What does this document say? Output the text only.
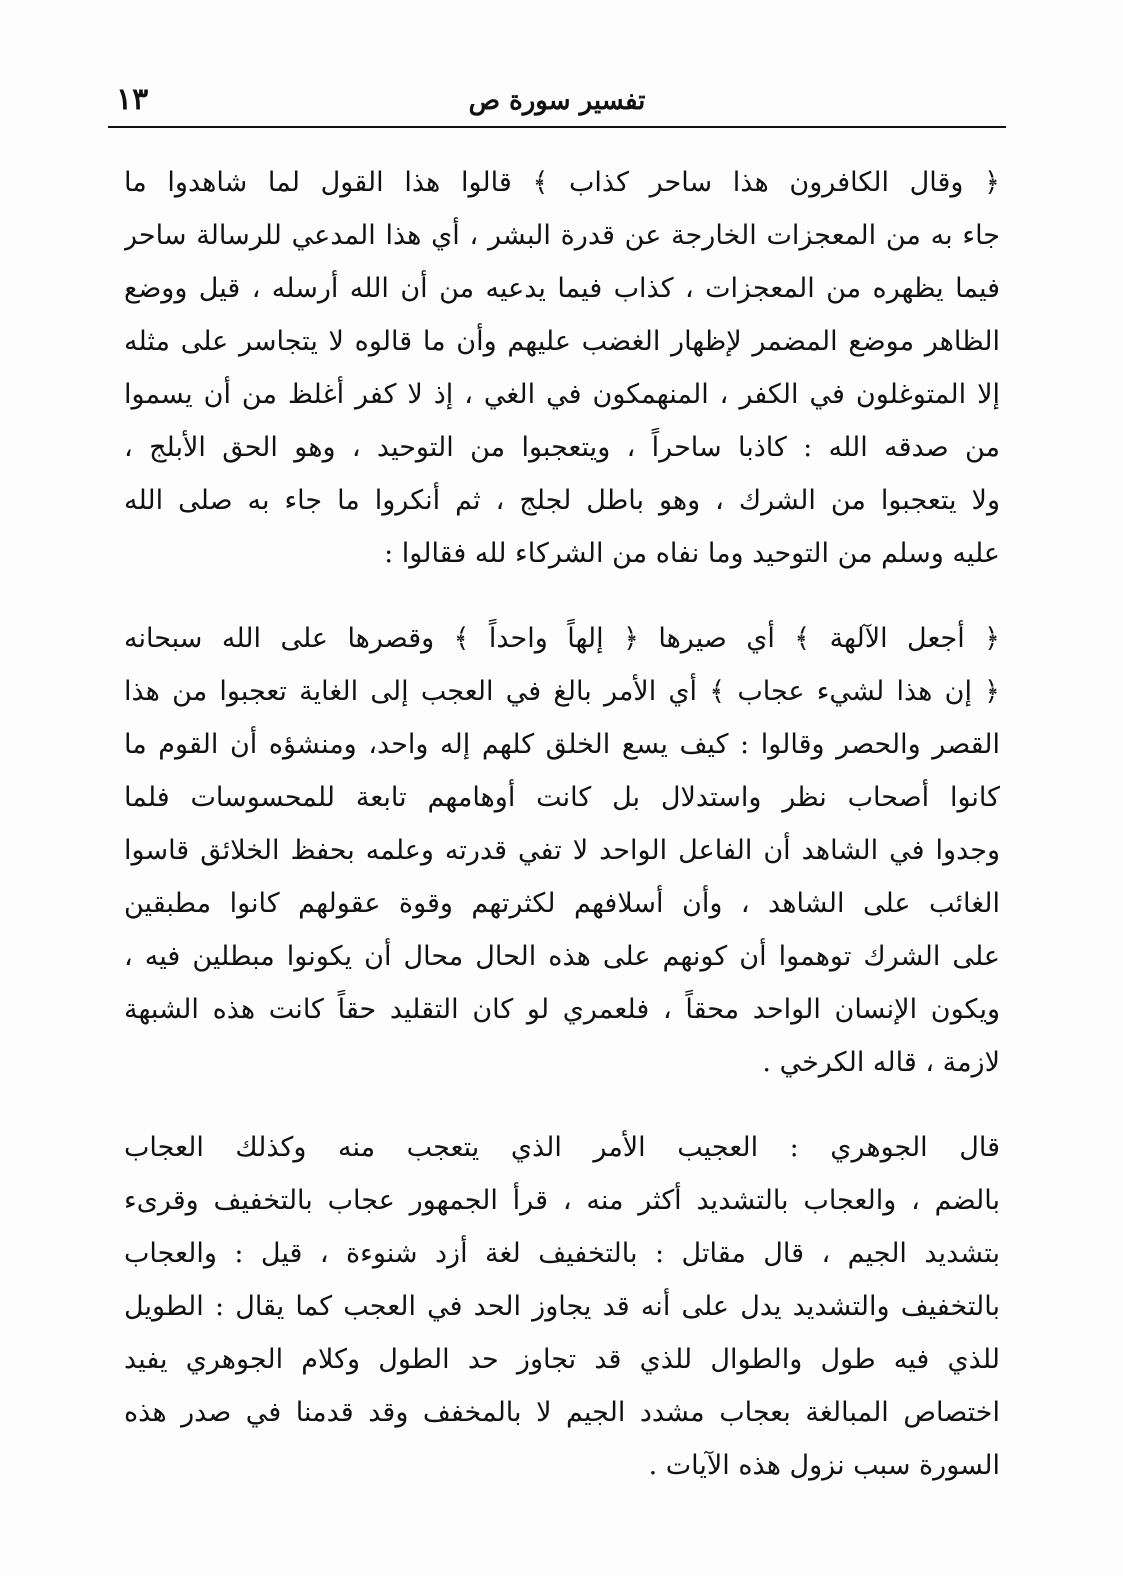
تفسير سورة ص
١٣
﴿ وقال الكافرون هذا ساحر كذاب ﴾ قالوا هذا القول لما شاهدوا ما
جاء به من المعجزات الخارجة عن قدرة البشر ، أي هذا المدعي للرسالة ساحر
فيما يظهره من المعجزات ، كذاب فيما يدعيه من أن الله أرسله ، قيل ووضع
الظاهر موضع المضمر لإظهار الغضب عليهم وأن ما قالوه لا يتجاسر على مثله
إلا المتوغلون في الكفر ، المنهمكون في الغي ، إذ لا كفر أغلظ من أن يسموا
من صدقه الله : كاذبا ساحراً ، ويتعجبوا من التوحيد ، وهو الحق الأبلج ،
ولا يتعجبوا من الشرك ، وهو باطل لجلج ، ثم أنكروا ما جاء به صلى الله
عليه وسلم من التوحيد وما نفاه من الشركاء لله فقالوا :
﴿ أجعل الآلهة ﴾ أي صيرها ﴿ إلهاً واحداً ﴾ وقصرها على الله سبحانه
﴿ إن هذا لشيء عجاب ﴾ أي الأمر بالغ في العجب إلى الغاية تعجبوا من هذا
القصر والحصر وقالوا : كيف يسع الخلق كلهم إله واحد، ومنشؤه أن القوم ما
كانوا أصحاب نظر واستدلال بل كانت أوهامهم تابعة للمحسوسات فلما
وجدوا في الشاهد أن الفاعل الواحد لا تفي قدرته وعلمه بحفظ الخلائق قاسوا
الغائب على الشاهد ، وأن أسلافهم لكثرتهم وقوة عقولهم كانوا مطبقين
على الشرك توهموا أن كونهم على هذه الحال محال أن يكونوا مبطلين فيه ،
ويكون الإنسان الواحد محقاً ، فلعمري لو كان التقليد حقاً كانت هذه الشبهة
لازمة ، قاله الكرخي .
قال الجوهري : العجيب الأمر الذي يتعجب منه وكذلك العجاب
بالضم ، والعجاب بالتشديد أكثر منه ، قرأ الجمهور عجاب بالتخفيف وقرىء
بتشديد الجيم ، قال مقاتل : بالتخفيف لغة أزد شنوءة ، قيل : والعجاب
بالتخفيف والتشديد يدل على أنه قد يجاوز الحد في العجب كما يقال : الطويل
للذي فيه طول والطوال للذي قد تجاوز حد الطول وكلام الجوهري يفيد
اختصاص المبالغة بعجاب مشدد الجيم لا بالمخفف وقد قدمنا في صدر هذه
السورة سبب نزول هذه الآيات .
